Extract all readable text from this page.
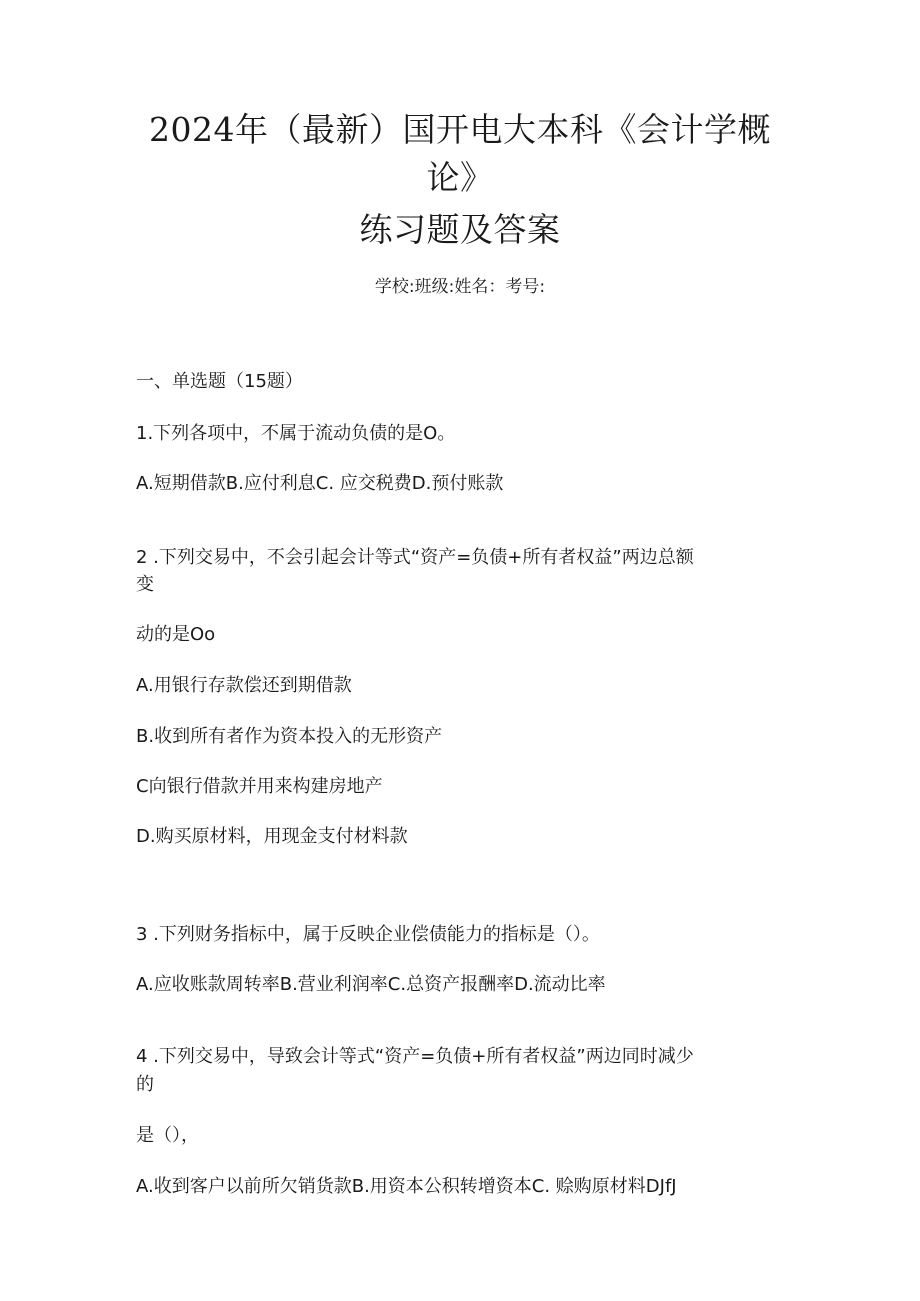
2024年（最新）国开电大本科《会计学概
论》
练习题及答案
学校:班级:姓名：考号:
一、单选题（15题）
1.下列各项中，不属于流动负债的是O。
A.短期借款B.应付利息C. 应交税费D.预付账款
2 .下列交易中，不会引起会计等式“资产=负债+所有者权益”两边总额
变
动的是Oo
A.用银行存款偿还到期借款
B.收到所有者作为资本投入的无形资产
C向银行借款并用来构建房地产
D.购买原材料，用现金支付材料款
3 .下列财务指标中，属于反映企业偿债能力的指标是（）。
A.应收账款周转率B.营业利润率C.总资产报酬率D.流动比率
4 .下列交易中，导致会计等式“资产=负债+所有者权益”两边同时减少
的
是（），
A.收到客户以前所欠销货款B.用资本公积转增资本C. 赊购原材料DJfJ
